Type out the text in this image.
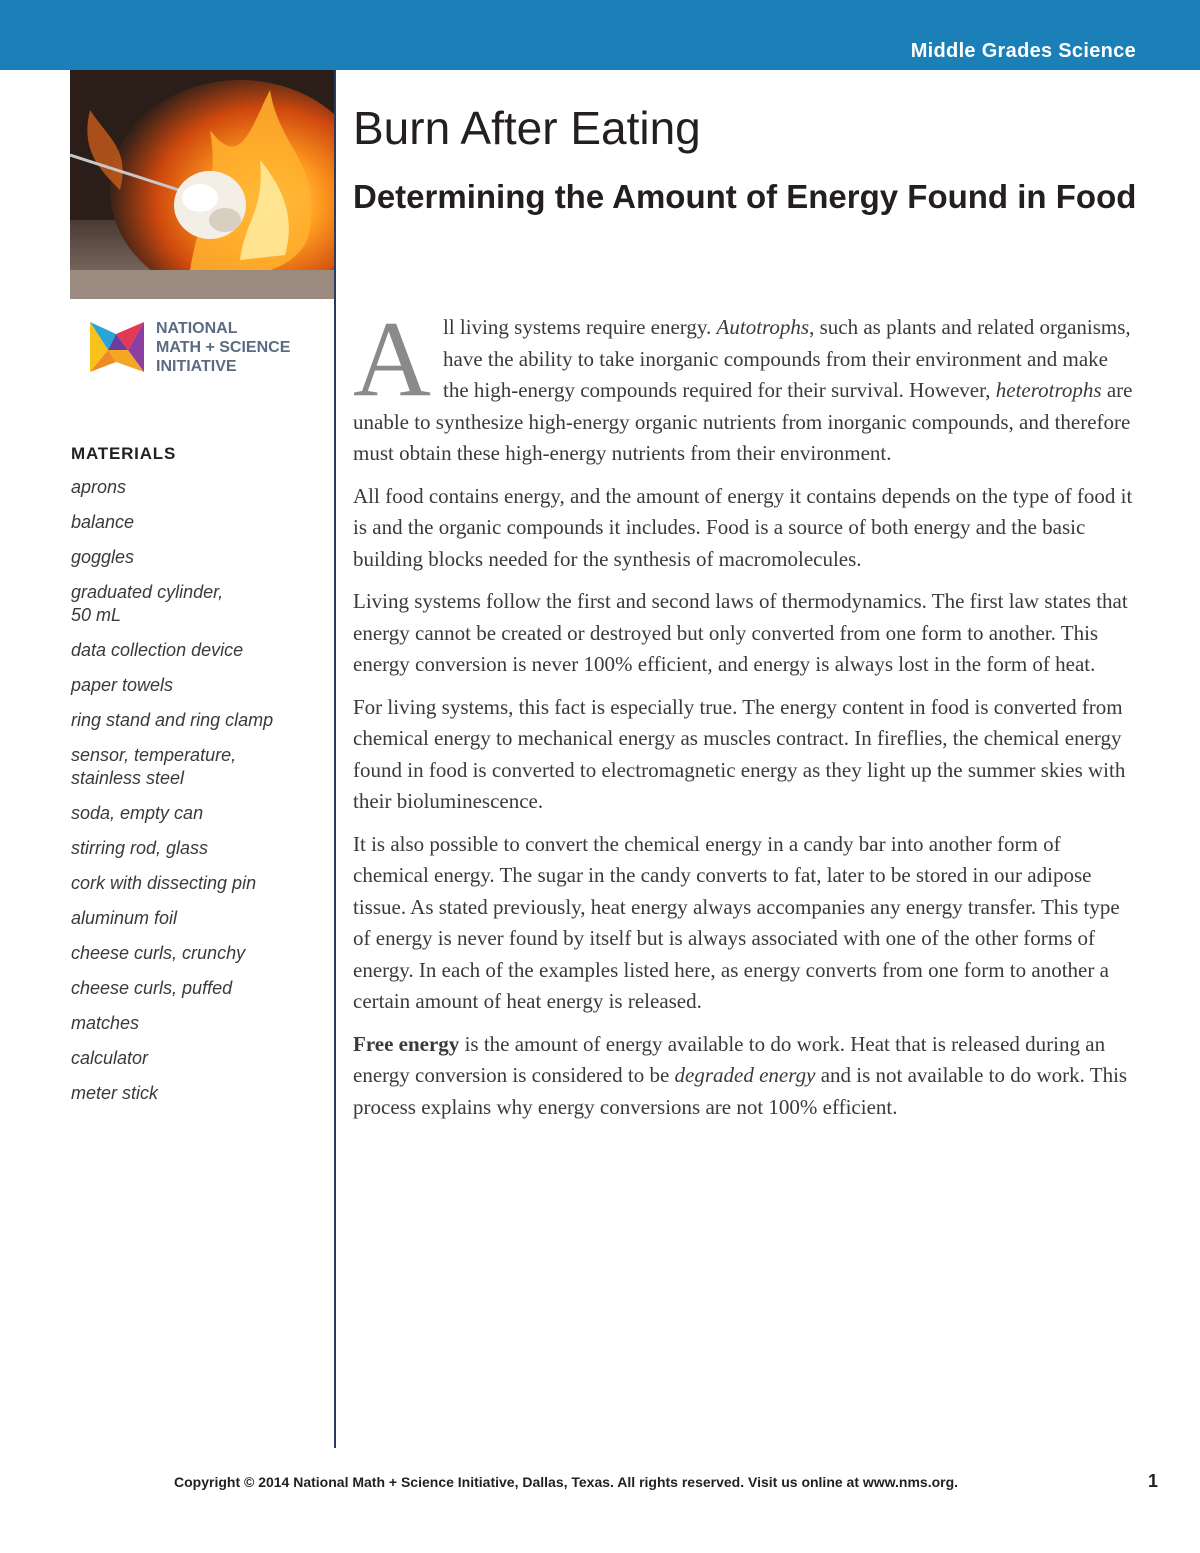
Middle Grades Science
NATIONAL
MATH + SCIENCE
INITIATIVE
MATERIALS
aprons
balance
goggles
graduated cylinder,
50 mL
data collection device
paper towels
ring stand and ring clamp
sensor, temperature,
stainless steel
soda, empty can
stirring rod, glass
cork with dissecting pin
aluminum foil
cheese curls, crunchy
cheese curls, puffed
matches
calculator
meter stick
Burn After Eating
Determining the Amount of Energy Found in Food

All living systems require energy. Autotrophs, such as plants and related organisms, have the ability to take inorganic compounds from their environment and make the high-energy compounds required for their survival. However, heterotrophs are unable to synthesize high-energy organic nutrients from inorganic compounds, and therefore must obtain these high-energy nutrients from their environment.

All food contains energy, and the amount of energy it contains depends on the type of food it is and the organic compounds it includes. Food is a source of both energy and the basic building blocks needed for the synthesis of macromolecules.

Living systems follow the first and second laws of thermodynamics. The first law states that energy cannot be created or destroyed but only converted from one form to another. This energy conversion is never 100% efficient, and energy is always lost in the form of heat.

For living systems, this fact is especially true. The energy content in food is converted from chemical energy to mechanical energy as muscles contract. In fireflies, the chemical energy found in food is converted to electromagnetic energy as they light up the summer skies with their bioluminescence.

It is also possible to convert the chemical energy in a candy bar into another form of chemical energy. The sugar in the candy converts to fat, later to be stored in our adipose tissue. As stated previously, heat energy always accompanies any energy transfer. This type of energy is never found by itself but is always associated with one of the other forms of energy. In each of the examples listed here, as energy converts from one form to another a certain amount of heat energy is released.

Free energy is the amount of energy available to do work. Heat that is released during an energy conversion is considered to be degraded energy and is not available to do work. This process explains why energy conversions are not 100% efficient.

Copyright © 2014 National Math + Science Initiative, Dallas, Texas. All rights reserved. Visit us online at www.nms.org.	1
